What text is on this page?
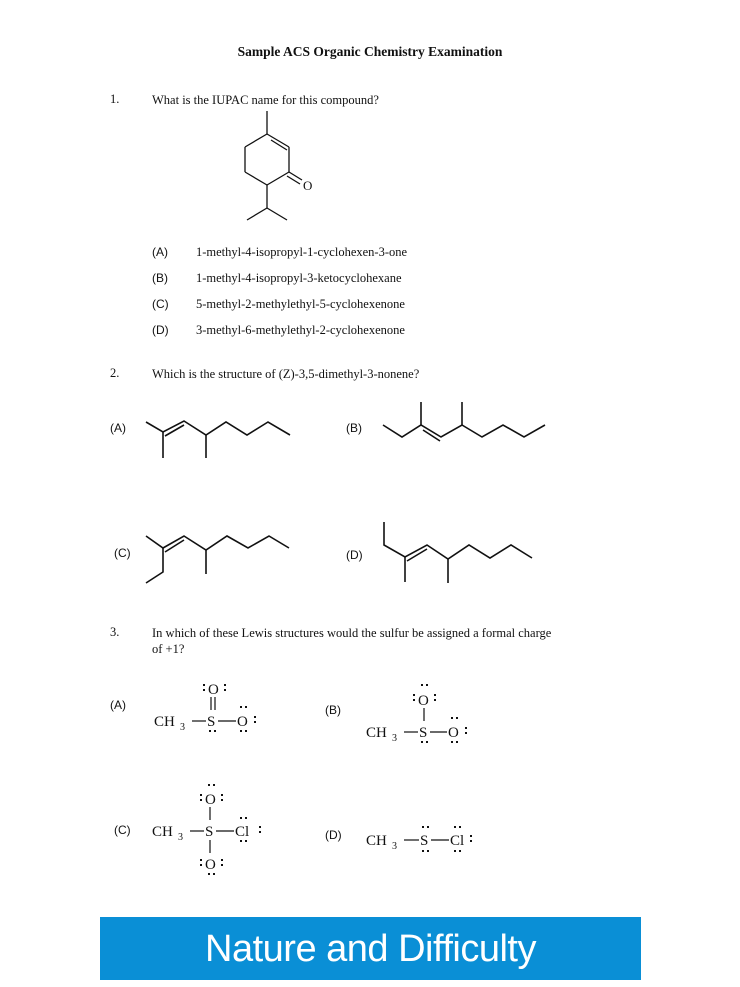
Sample ACS Organic Chemistry Examination
1.	What is the IUPAC name for this compound?
O
(A) 1-methyl-4-isopropyl-1-cyclohexen-3-one
(B) 1-methyl-4-isopropyl-3-ketocyclohexane
(C) 5-methyl-2-methylethyl-5-cyclohexenone
(D) 3-methyl-6-methylethyl-2-cyclohexenone
2.	Which is the structure of (Z)-3,5-dimethyl-3-nonene?
(A)	(B)
(C)	(D)
3.	In which of these Lewis structures would the sulfur be assigned a formal charge
of +1?
(A)	(B)
(C)	(D)
CH 3 S
O
O
CH 3 S
O
O
CH 3 S
O
O
Cl
CH 3 S Cl
Nature and Difficulty
